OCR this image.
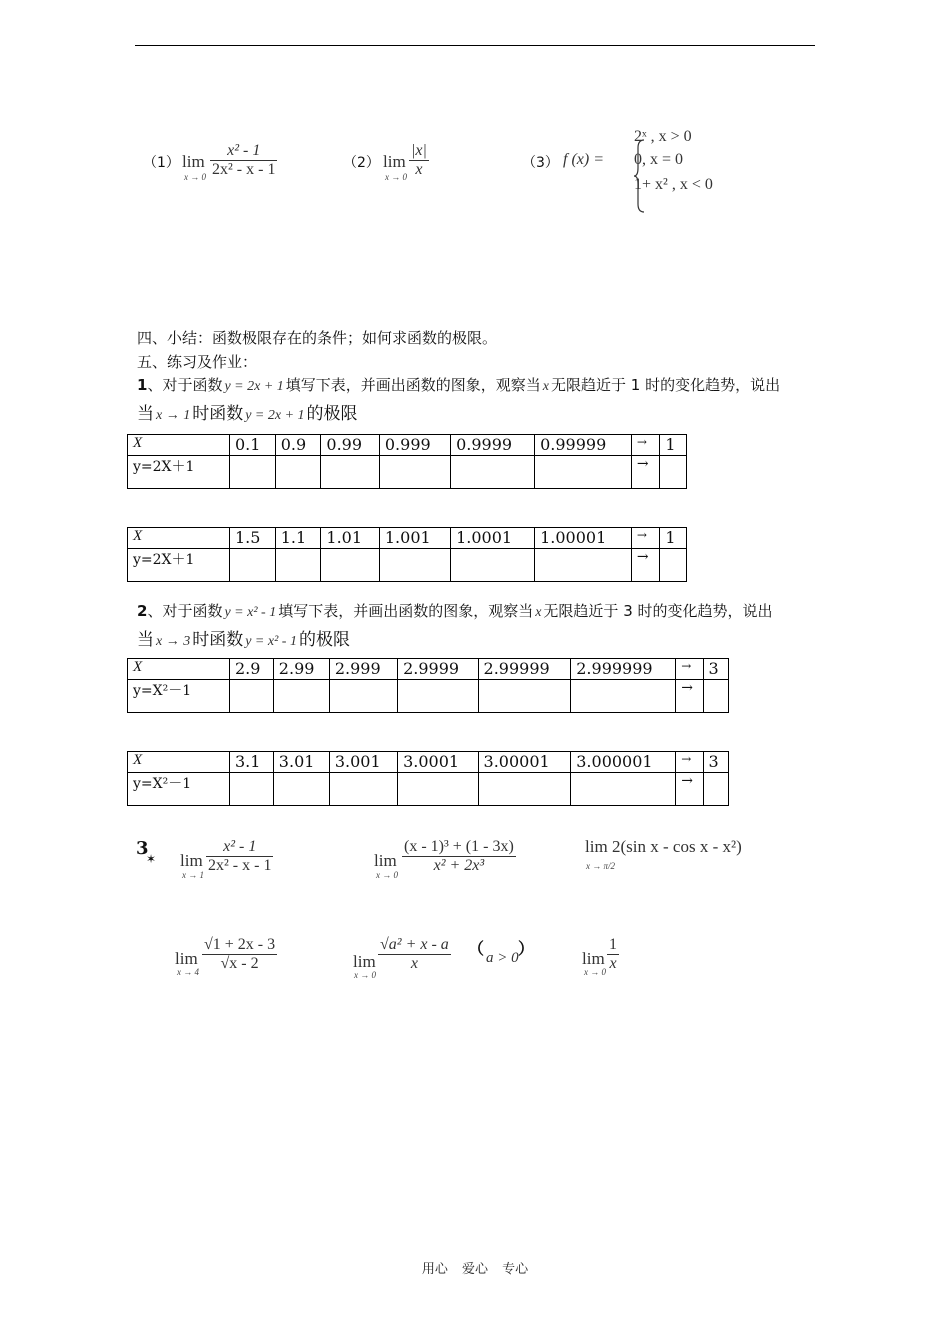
（1） lim
$x \to 0 \frac{\text{x² - 1}}{\text{2x² - x - 1}}$	（2） lim
$x \to 0 \frac{|x|}{x}$	（3） f (x) =
2ˣ , x > 0
0, x = 0
1+ x² , x < 0
四、小结：函数极限存在的条件；如何求函数的极限。
五、练习及作业：
1、对于函数 y = 2x + 1 填写下表，并画出函数的图象，观察当 x 无限趋近于 1 时的变化趋势，说出
当 x → 1 时函数 y = 2x + 1 的极限
X	0.1	0.9	0.99	0.999	0.9999	0.99999	→	1
y=2X＋1							→	
X	1.5	1.1	1.01	1.001	1.0001	1.00001	→	1
y=2X＋1							→	
2、对于函数 y = x² - 1 填写下表，并画出函数的图象，观察当 x 无限趋近于 3 时的变化趋势，说出
当 x → 3 时函数 y = x² - 1 的极限
X	2.9	2.99	2.999	2.9999	2.99999	2.999999	→	3
y=X²－1							→	
X	3.1	3.01	3.001	3.0001	3.00001	3.000001	→	3
y=X²－1							→	
3
✶ lim
$x \to 1 \frac{\text{x² - 1}}{\text{2x² - x - 1}}$	lim
$x \to 0 \frac{\text{(x - 1)³ + (1 - 3x)}}{\text{x² + 2x³}}$	lim
x → π/2
2(sin x - cos x - x²)
lim
$x \to 4 \frac{√1 + 2x - 3}{√x - 2}$	lim
x → 0
$\frac{\text{√a² + x - a}}{x}$ （ a > 0 ）
lim
$x \to 0 \frac{1}{x}$
用心 爱心 专心
